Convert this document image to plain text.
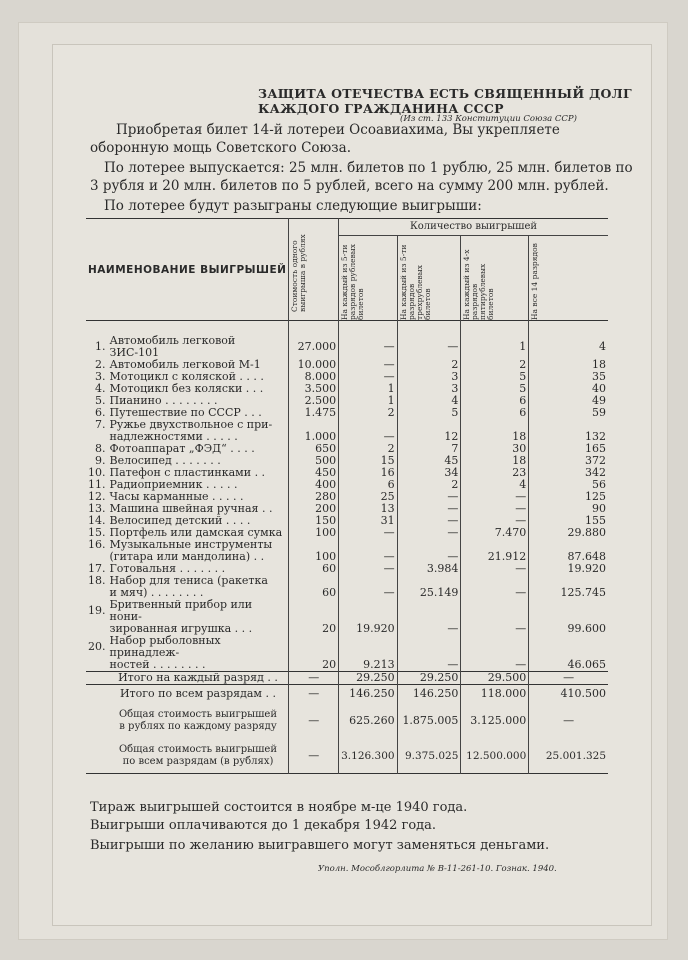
ЗАЩИТА ОТЕЧЕСТВА ЕСТЬ СВЯЩЕННЫЙ ДОЛГ
КАЖДОГО ГРАЖДАНИНА СССР
(Из ст. 133 Конституции Союза ССР)
Приобретая билет 14-й лотереи Осоавиахима, Вы укрепляете
оборонную мощь Советского Союза.
По лотерее выпускается: 25 млн. билетов по 1 рублю, 25 млн. билетов по
3 рубля и 20 млн. билетов по 5 рублей, всего на сумму 200 млн. рублей.
По лотерее будут разыграны следующие выигрыши:
НАИМЕНОВАНИЕ ВЫИГРЫШЕЙ		Стоимость одного выигрыша в рублях	Количество выигрышей			

			На каждый из 5-ти разрядов рублевых билетов	На каждый из 5-ти разрядов трехрублевых билетов	На каждый из 4-х разрядов пятирублевых билетов	На все 14 разрядов

1.	Автомобиль легковой ЗИС-101	27.000	—	—	1	4
2.	Автомобиль легковой М-1	10.000	—	2	2	18
3.	Мотоцикл с коляской . . . .	8.000	—	3	5	35
4.	Мотоцикл без коляски . . .	3.500	1	3	5	40
5.	Пианино . . . . . . . .	2.500	1	4	6	49
6.	Путешествие по СССР . . .	1.475	2	5	6	59
7.	Ружье двухствольное с при-					
	надлежностями . . . . .	1.000	—	12	18	132
8.	Фотоаппарат „ФЭД“ . . . .	650	2	7	30	165
9.	Велосипед . . . . . . .	500	15	45	18	372
10.	Патефон с пластинками . .	450	16	34	23	342
11.	Радиоприемник . . . . .	400	6	2	4	56
12.	Часы карманные . . . . .	280	25	—	—	125
13.	Машина швейная ручная . .	200	13	—	—	90
14.	Велосипед детский . . . .	150	31	—	—	155
15.	Портфель или дамская сумка	100	—	—	7.470	29.880
16.	Музыкальные инструменты					
	(гитара или мандолина) . .	100	—	—	21.912	87.648
17.	Готовальня . . . . . . .	60	—	3.984	—	19.920
18.	Набор для тениса (ракетка					
	и мяч) . . . . . . . .	60	—	25.149	—	125.745
19.	Бритвенный прибор или нони-					
	зированная игрушка . . .	20	19.920	—	—	99.600
20.	Набор рыболовных принадлеж-					
	ностей . . . . . . . .	20	9.213	—	—	46.065
	Итого на каждый разряд . .	—	29.250	29.250	29.500	—
	Итого по всем разрядам . .	—	146.250	146.250	118.000	410.500

	Общая стоимость выигрышей
в рублях по каждому разряду	—	625.260	1.875.005	3.125.000	—

	Общая стоимость выигрышей
по всем разрядам (в рублях)	—	3.126.300	9.375.025	12.500.000	25.001.325
Тираж выигрышей состоится в ноябре м-це 1940 года.
Выигрыши оплачиваются до 1 декабря 1942 года.
Выигрыши по желанию выигравшего могут заменяться деньгами.
Уполн. Мособлгорлита № В-11-261-10. Гознак. 1940.
